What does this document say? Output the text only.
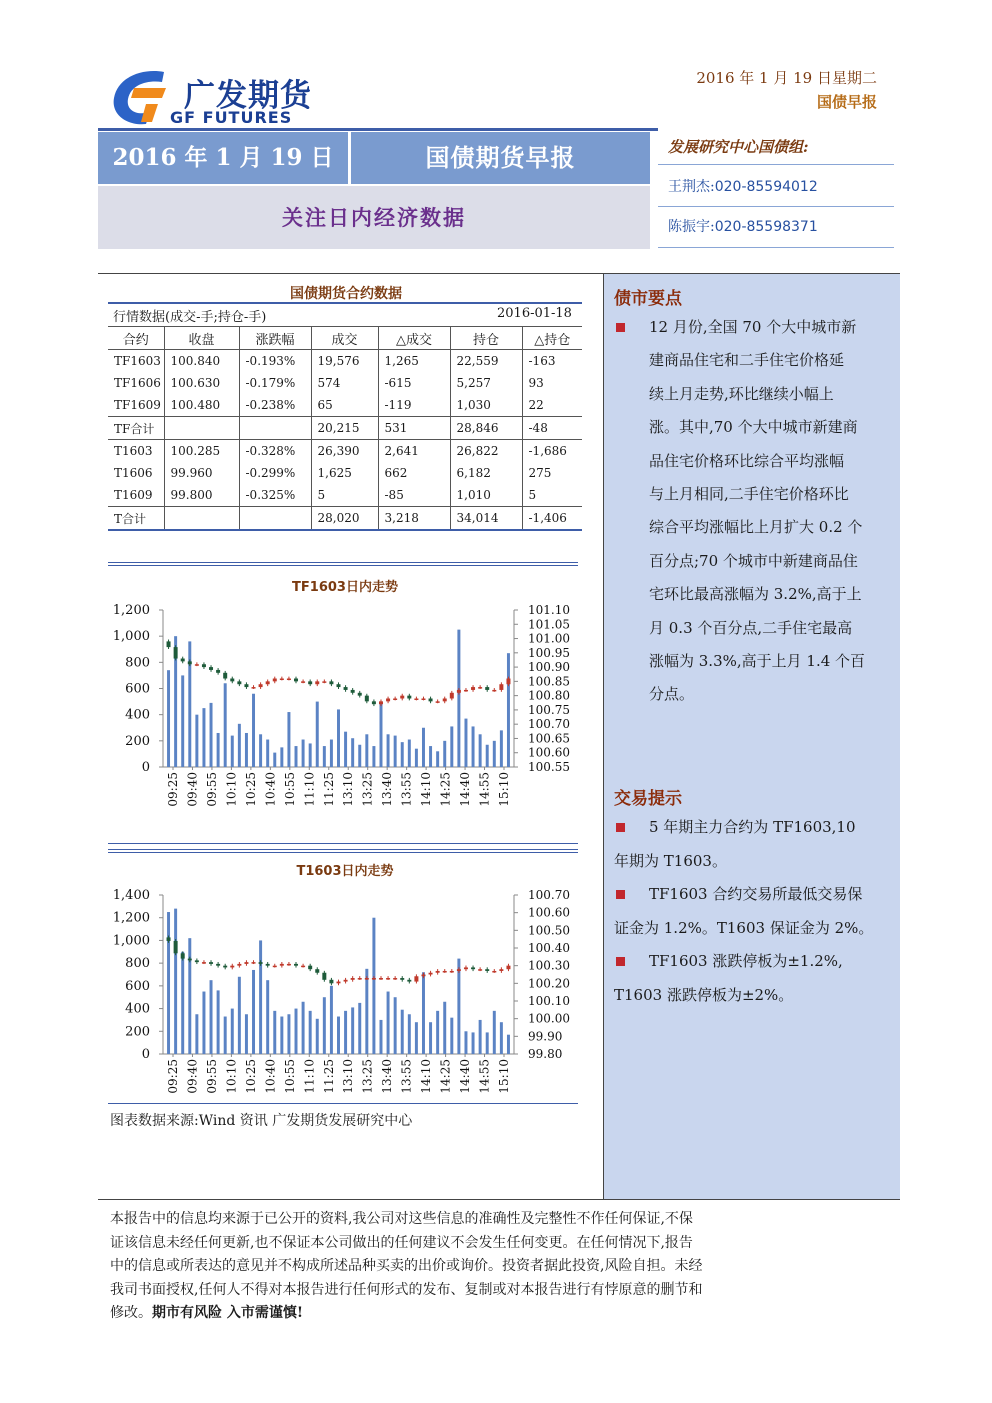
广发期货
GF FUTURES
2016 年 1 月 19 日星期二
国债早报
2016 年 1 月 19 日	国债期货早报
关注日内经济数据
发展研究中心国债组:
王荆杰:020-85594012
陈振宇:020-85598371
国债期货合约数据
行情数据(成交-手;持仓-手)	2016-01-18
合约	收盘	涨跌幅	成交	△成交	持仓	△持仓
TF1603	100.840	-0.193%	19,576	1,265	22,559	-163
TF1606	100.630	-0.179%	574	-615	5,257	93
TF1609	100.480	-0.238%	65	-119	1,030	22
TF合计			20,215	531	28,846	-48
T1603	100.285	-0.328%	26,390	2,641	26,822	-1,686
T1606	99.960	-0.299%	1,625	662	6,182	275
T1609	99.800	-0.325%	5	-85	1,010	5
T合计			28,020	3,218	34,014	-1,406
TF1603日内走势
0
200
400
600
800
1,000
1,200
100.55
100.60
100.65
100.70
100.75
100.80
100.85
100.90
100.95
101.00
101.05
101.10
09:25 09:40 09:55 10:10 10:25 10:40 10:55 11:10 11:25 13:10 13:25 13:40 13:55 14:10 14:25 14:40 14:55 15:10
T1603日内走势
0
200
400
600
800
1,000
1,200
1,400
99.80
99.90
100.00
100.10
100.20
100.30
100.40
100.50
100.60
100.70
09:25 09:40 09:55 10:10 10:25 10:40 10:55 11:10 11:25 13:10 13:25 13:40 13:55 14:10 14:25 14:40 14:55 15:10
图表数据来源:Wind 资讯 广发期货发展研究中心
债市要点
12 月份,全国 70 个大中城市新
建商品住宅和二手住宅价格延
续上月走势,环比继续小幅上
涨。其中,70 个大中城市新建商
品住宅价格环比综合平均涨幅
与上月相同,二手住宅价格环比
综合平均涨幅比上月扩大 0.2 个
百分点;70 个城市中新建商品住
宅环比最高涨幅为 3.2%,高于上
月 0.3 个百分点,二手住宅最高
涨幅为 3.3%,高于上月 1.4 个百
分点。
交易提示
5 年期主力合约为 TF1603,10
年期为 T1603。
TF1603 合约交易所最低交易保
证金为 1.2%。T1603 保证金为 2%。
TF1603 涨跌停板为±1.2%,
T1603 涨跌停板为±2%。
本报告中的信息均来源于已公开的资料,我公司对这些信息的准确性及完整性不作任何保证,不保
证该信息未经任何更新,也不保证本公司做出的任何建议不会发生任何变更。在任何情况下,报告
中的信息或所表达的意见并不构成所述品种买卖的出价或询价。投资者据此投资,风险自担。未经
我司书面授权,任何人不得对本报告进行任何形式的发布、复制或对本报告进行有悖原意的删节和
修改。期市有风险 入市需谨慎!
